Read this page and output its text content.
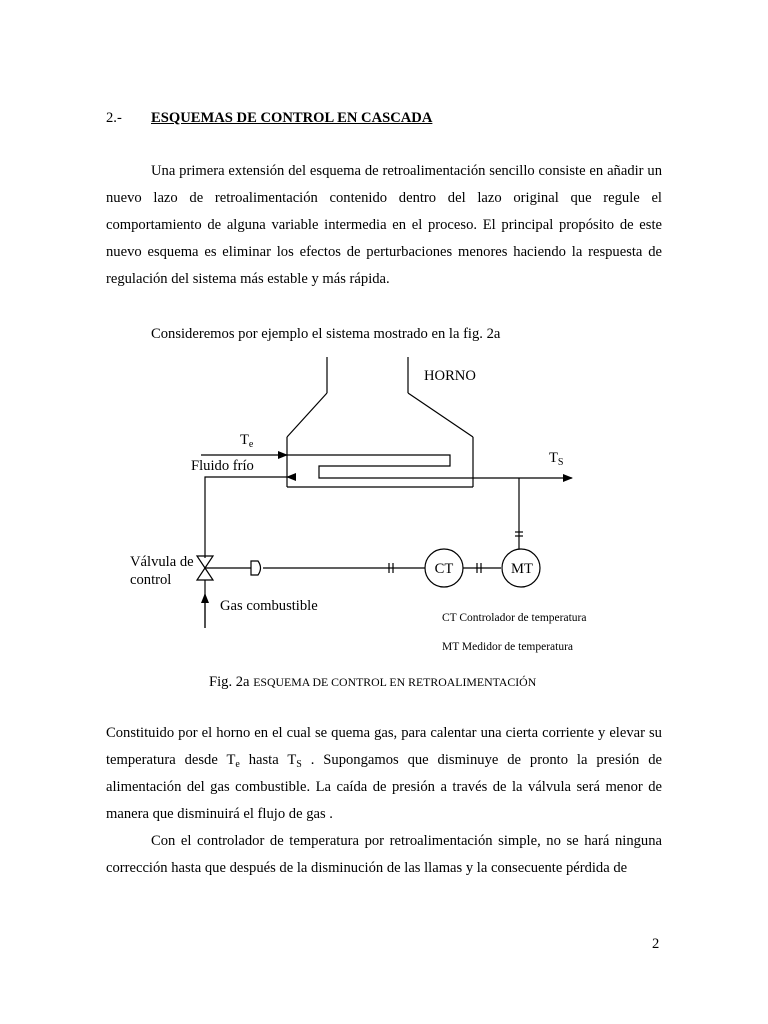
2.- ESQUEMAS DE CONTROL EN CASCADA
Una primera extensión del esquema de retroalimentación sencillo consiste en añadir un nuevo lazo de retroalimentación contenido dentro del lazo original que regule el comportamiento de alguna variable intermedia en el proceso. El principal propósito de este nuevo esquema es eliminar los efectos de perturbaciones menores haciendo la respuesta de regulación del sistema más estable y más rápida.
Consideremos por ejemplo el sistema mostrado en la fig. 2a
HORNO
$T_e$
$T_S$
Fluido frío
Válvula de
control
Gas combustible
CT	MT
CT Controlador de temperatura
MT Medidor de temperatura
Fig. 2a ESQUEMA DE CONTROL EN RETROALIMENTACIÓN
Constituido por el horno en el cual se quema gas, para calentar una cierta corriente y elevar su temperatura desde $T_e$ hasta $T_S$ . Supongamos que disminuye de pronto la presión de alimentación del gas combustible. La caída de presión a través de la válvula será menor de manera que disminuirá el flujo de gas .
Con el controlador de temperatura por retroalimentación simple, no se hará ninguna corrección hasta que después de la disminución de las llamas y la consecuente pérdida de
2
